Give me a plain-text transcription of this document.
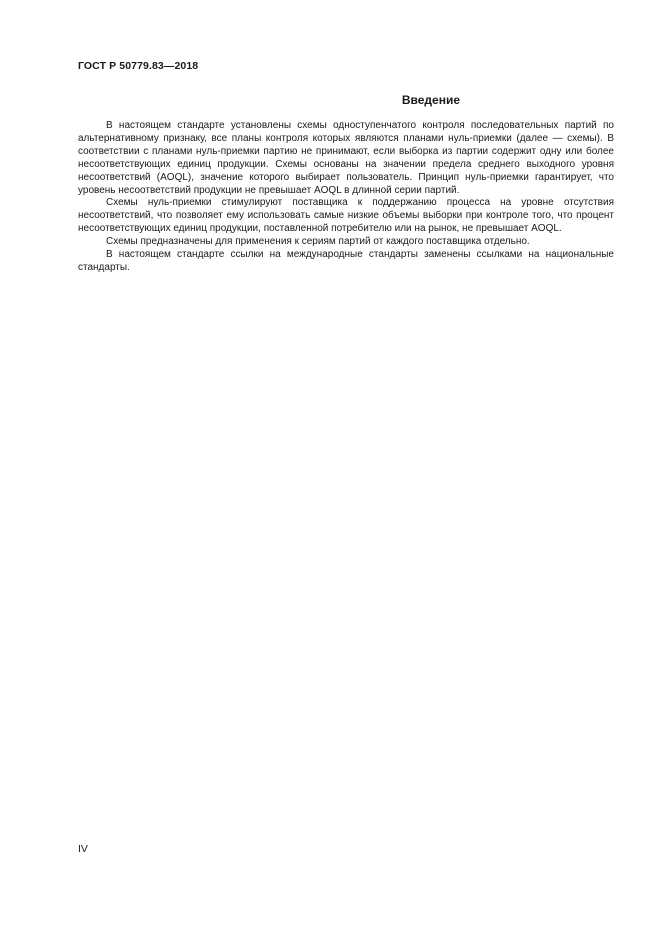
ГОСТ Р 50779.83—2018
Введение

В настоящем стандарте установлены схемы одноступенчатого контроля последовательных партий по альтернативному признаку, все планы контроля которых являются планами нуль-приемки (далее — схемы). В соответствии с планами нуль-приемки партию не принимают, если выборка из партии содержит одну или более несоответствующих единиц продукции. Схемы основаны на значении предела среднего выходного уровня несоответствий (AOQL), значение которого выбирает пользователь. Принцип нуль-приемки гарантирует, что уровень несоответствий продукции не превышает AOQL в длинной серии партий.

Схемы нуль-приемки стимулируют поставщика к поддержанию процесса на уровне отсутствия несоответствий, что позволяет ему использовать самые низкие объемы выборки при контроле того, что процент несоответствующих единиц продукции, поставленной потребителю или на рынок, не превышает AOQL.

Схемы предназначены для применения к сериям партий от каждого поставщика отдельно.

В настоящем стандарте ссылки на международные стандарты заменены ссылками на национальные стандарты.

IV
